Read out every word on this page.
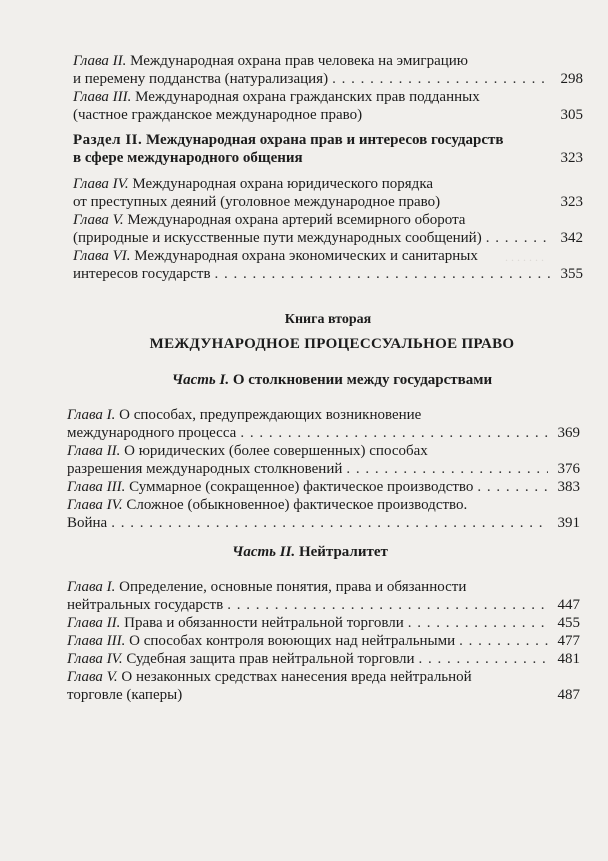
. . . . . . .
Глава II. Международная охрана прав человека на эмиграцию
и перемену подданства (натурализация) . . .	298
Глава III. Международная охрана гражданских прав подданных
(частное гражданское международное право)	305
Раздел II. Международная охрана прав и интересов государств
в сфере международного общения	323
Глава IV. Международная охрана юридического порядка
от преступных деяний (уголовное международное право)	323
Глава V. Международная охрана артерий всемирного оборота
(природные и искусственные пути международных сообщений) . . .	342
Глава VI. Международная охрана экономических и санитарных
интересов государств . . .	355
Книга вторая
МЕЖДУНАРОДНОЕ ПРОЦЕССУАЛЬНОЕ ПРАВО
Часть I. О столкновении между государствами
Глава I. О способах, предупреждающих возникновение
международного процесса . . .	369
Глава II. О юридических (более совершенных) способах
разрешения международных столкновений . . .	376
Глава III. Суммарное (сокращенное) фактическое производство . . .	383
Глава IV. Сложное (обыкновенное) фактическое производство.
Война . . .	391
Часть II. Нейтралитет
Глава I. Определение, основные понятия, права и обязанности
нейтральных государств . . .	447
Глава II. Права и обязанности нейтральной торговли . . .	455
Глава III. О способах контроля воюющих над нейтральными . . .	477
Глава IV. Судебная защита прав нейтральной торговли . . .	481
Глава V. О незаконных средствах нанесения вреда нейтральной
торговле (каперы)	487
